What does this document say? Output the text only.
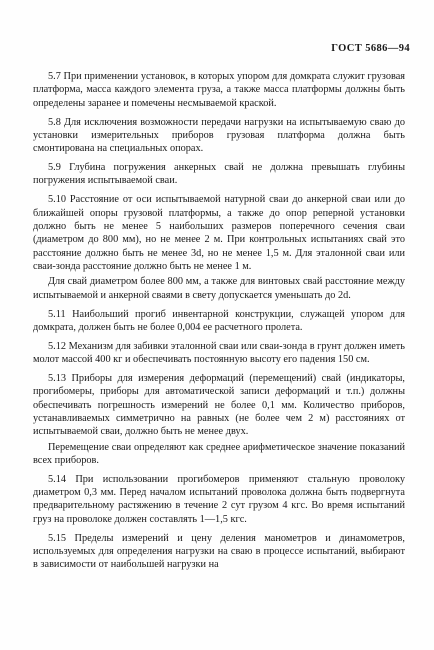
ГОСТ 5686—94

5.7 При применении установок, в которых упором для домкрата служит грузовая платформа, масса каждого элемента груза, а также масса платформы должны быть определены заранее и помечены несмываемой краской.

5.8 Для исключения возможности передачи нагрузки на испытываемую сваю до установки измерительных приборов грузовая платформа должна быть смонтирована на специальных опорах.

5.9 Глубина погружения анкерных свай не должна превышать глубины погружения испытываемой сваи.

5.10 Расстояние от оси испытываемой натурной сваи до анкерной сваи или до ближайшей опоры грузовой платформы, а также до опор реперной установки должно быть не менее 5 наибольших размеров поперечного сечения сваи (диаметром до 800 мм), но не менее 2 м. При контрольных испытаниях свай это расстояние должно быть не менее 3d, но не менее 1,5 м. Для эталонной сваи или сваи-зонда расстояние должно быть не менее 1 м.

Для свай диаметром более 800 мм, а также для винтовых свай расстояние между испытываемой и анкерной сваями в свету допускается уменьшать до 2d.

5.11 Наибольший прогиб инвентарной конструкции, служащей упором для домкрата, должен быть не более 0,004 ее расчетного пролета.

5.12 Механизм для забивки эталонной сваи или сваи-зонда в грунт должен иметь молот массой 400 кг и обеспечивать постоянную высоту его падения 150 см.

5.13 Приборы для измерения деформаций (перемещений) свай (индикаторы, прогибомеры, приборы для автоматической записи деформаций и т.п.) должны обеспечивать погрешность измерений не более 0,1 мм. Количество приборов, устанавливаемых симметрично на равных (не более чем 2 м) расстояниях от испытываемой сваи, должно быть не менее двух.

Перемещение сваи определяют как среднее арифметическое значение показаний всех приборов.

5.14 При использовании прогибомеров применяют стальную проволоку диаметром 0,3 мм. Перед началом испытаний проволока должна быть подвергнута предварительному растяжению в течение 2 сут грузом 4 кгс. Во время испытаний груз на проволоке должен составлять 1—1,5 кгс.

5.15 Пределы измерений и цену деления манометров и динамометров, используемых для определения нагрузки на сваю в процессе испытаний, выбирают в зависимости от наибольшей нагрузки на
